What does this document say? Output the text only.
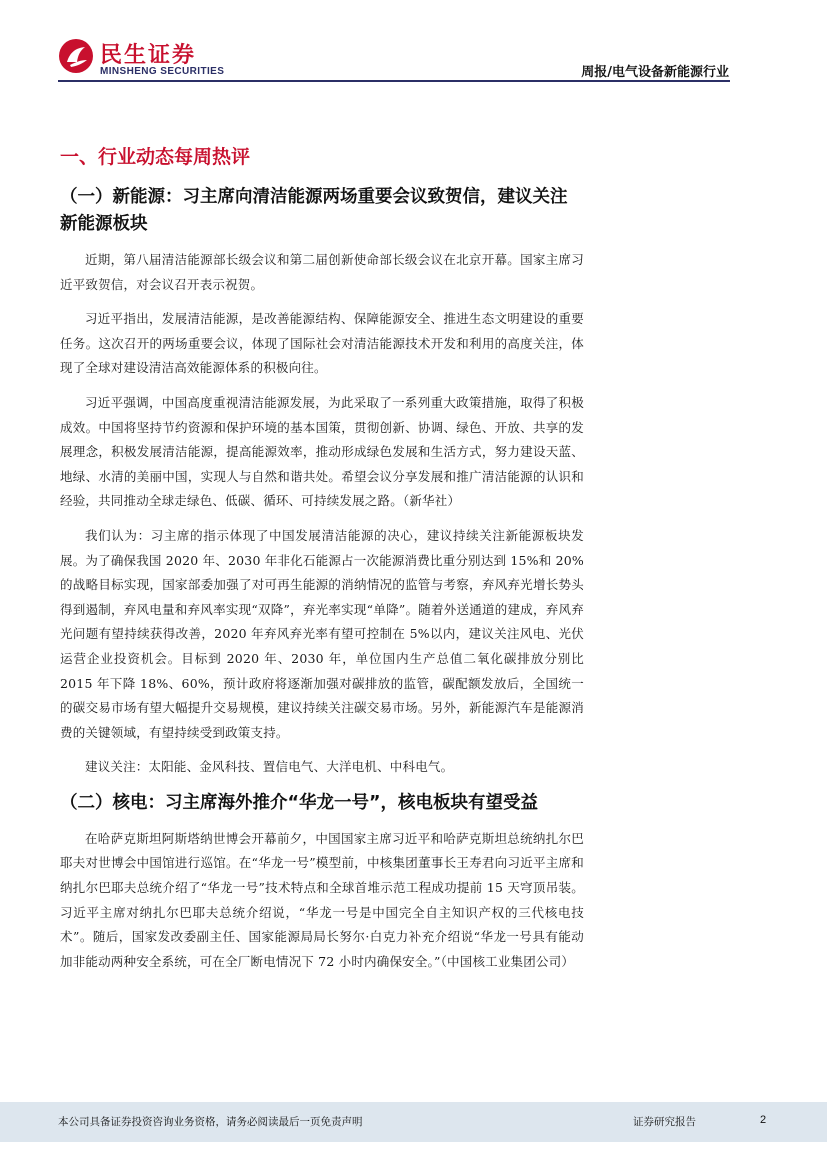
民生证券
MINSHENG SECURITIES	周报/电气设备新能源行业
一、行业动态每周热评
（一）新能源：习主席向清洁能源两场重要会议致贺信，建议关注新能源板块

近期，第八届清洁能源部长级会议和第二届创新使命部长级会议在北京开幕。国家主席习近平致贺信，对会议召开表示祝贺。

习近平指出，发展清洁能源，是改善能源结构、保障能源安全、推进生态文明建设的重要任务。这次召开的两场重要会议，体现了国际社会对清洁能源技术开发和利用的高度关注，体现了全球对建设清洁高效能源体系的积极向往。

习近平强调，中国高度重视清洁能源发展，为此采取了一系列重大政策措施，取得了积极成效。中国将坚持节约资源和保护环境的基本国策，贯彻创新、协调、绿色、开放、共享的发展理念，积极发展清洁能源，提高能源效率，推动形成绿色发展和生活方式，努力建设天蓝、地绿、水清的美丽中国，实现人与自然和谐共处。希望会议分享发展和推广清洁能源的认识和经验，共同推动全球走绿色、低碳、循环、可持续发展之路。（新华社）

我们认为：习主席的指示体现了中国发展清洁能源的决心，建议持续关注新能源板块发展。为了确保我国 2020 年、2030 年非化石能源占一次能源消费比重分别达到 15%和 20%的战略目标实现，国家部委加强了对可再生能源的消纳情况的监管与考察，弃风弃光增长势头得到遏制，弃风电量和弃风率实现“双降”，弃光率实现“单降”。随着外送通道的建成，弃风弃光问题有望持续获得改善，2020 年弃风弃光率有望可控制在 5%以内，建议关注风电、光伏运营企业投资机会。目标到 2020 年、2030 年，单位国内生产总值二氧化碳排放分别比 2015 年下降 18%、60%，预计政府将逐渐加强对碳排放的监管，碳配额发放后，全国统一的碳交易市场有望大幅提升交易规模，建议持续关注碳交易市场。另外，新能源汽车是能源消费的关键领域，有望持续受到政策支持。

建议关注：太阳能、金风科技、置信电气、大洋电机、中科电气。

（二）核电：习主席海外推介“华龙一号”，核电板块有望受益

在哈萨克斯坦阿斯塔纳世博会开幕前夕，中国国家主席习近平和哈萨克斯坦总统纳扎尔巴耶夫对世博会中国馆进行巡馆。在“华龙一号”模型前，中核集团董事长王寿君向习近平主席和纳扎尔巴耶夫总统介绍了“华龙一号”技术特点和全球首堆示范工程成功提前 15 天穹顶吊装。习近平主席对纳扎尔巴耶夫总统介绍说，“华龙一号是中国完全自主知识产权的三代核电技术”。随后，国家发改委副主任、国家能源局局长努尔·白克力补充介绍说“华龙一号具有能动加非能动两种安全系统，可在全厂断电情况下 72 小时内确保安全。”（中国核工业集团公司）

本公司具备证券投资咨询业务资格，请务必阅读最后一页免责声明	证券研究报告	2
